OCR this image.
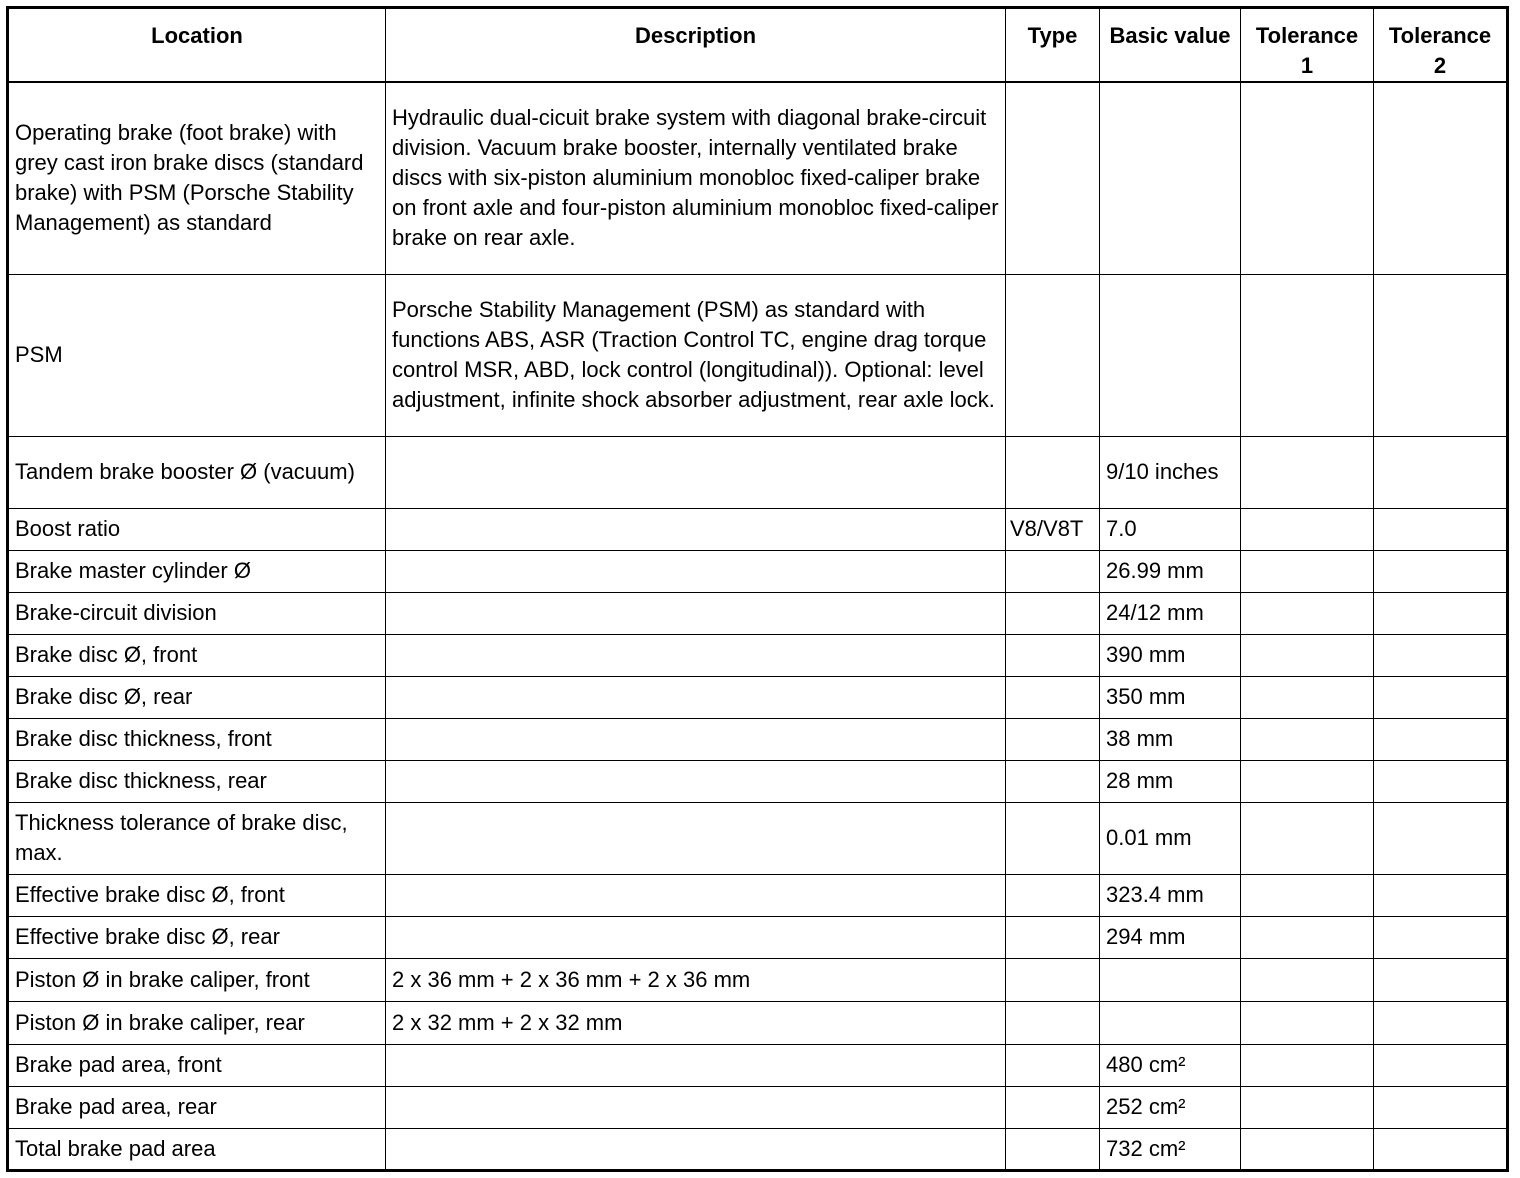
Location	Description	Type	Basic value	Tolerance 1	Tolerance 2
Operating brake (foot brake) with grey cast iron brake discs (standard brake) with PSM (Porsche Stability Management) as standard	Hydraulic dual-cicuit brake system with diagonal brake-circuit division. Vacuum brake booster, internally ventilated brake discs with six-piston aluminium monobloc fixed-caliper brake on front axle and four-piston aluminium monobloc fixed-caliper brake on rear axle.				
PSM	Porsche Stability Management (PSM) as standard with functions ABS, ASR (Traction Control TC, engine drag torque control MSR, ABD, lock control (longitudinal)). Optional: level adjustment, infinite shock absorber adjustment, rear axle lock.				
Tandem brake booster Ø (vacuum)			9/10 inches		
Boost ratio		V8/V8T	7.0		
Brake master cylinder Ø			26.99 mm		
Brake-circuit division			24/12 mm		
Brake disc Ø, front			390 mm		
Brake disc Ø, rear			350 mm		
Brake disc thickness, front			38 mm		
Brake disc thickness, rear			28 mm		
Thickness tolerance of brake disc, max.			0.01 mm		
Effective brake disc Ø, front			323.4 mm		
Effective brake disc Ø, rear			294 mm		
Piston Ø in brake caliper, front	2 x 36 mm + 2 x 36 mm + 2 x 36 mm				
Piston Ø in brake caliper, rear	2 x 32 mm + 2 x 32 mm				
Brake pad area, front			480 cm²		
Brake pad area, rear			252 cm²		
Total brake pad area			732 cm²		
